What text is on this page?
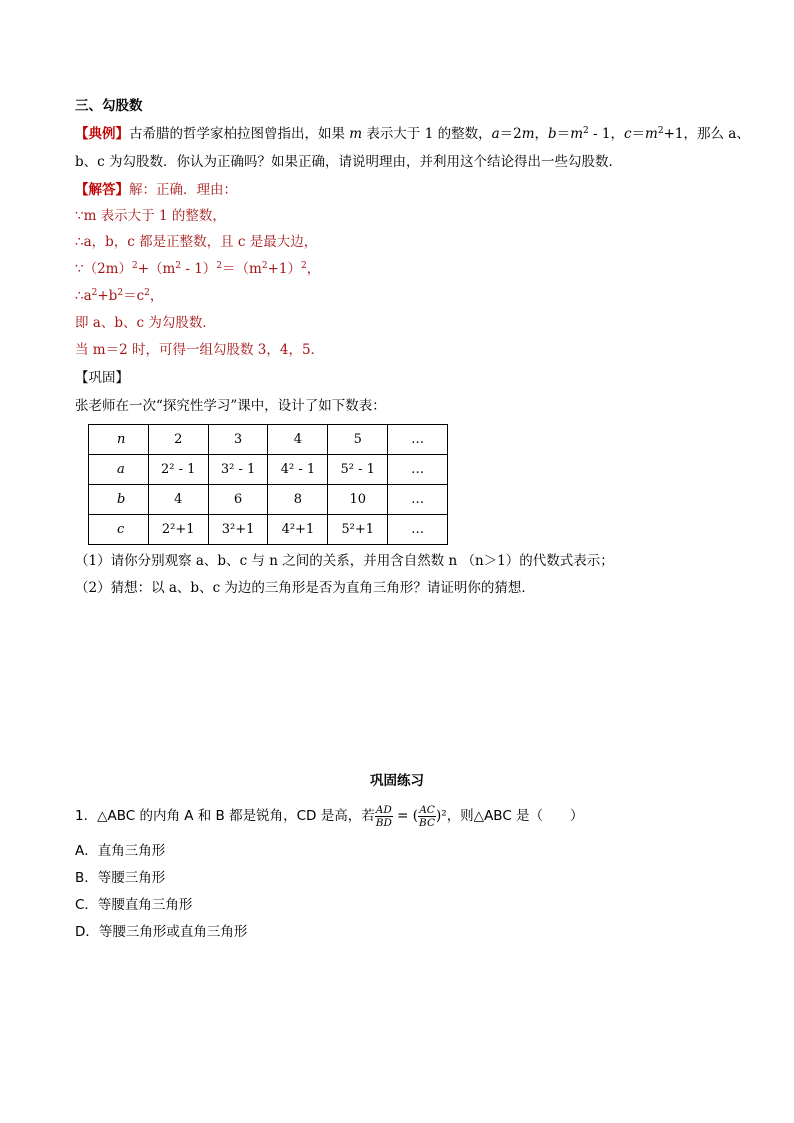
三、勾股数
【典例】古希腊的哲学家柏拉图曾指出，如果 m 表示大于 1 的整数，a＝2m，$b=m^2 - 1$，$c=m^2+1$，那么 a、
b、c 为勾股数．你认为正确吗？如果正确，请说明理由，并利用这个结论得出一些勾股数．
【解答】解：正确．理由：
∵m 表示大于 1 的整数，
∴a，b，c 都是正整数，且 c 是最大边，
$\because(2m)^2+(m^2 - 1)^2=(m^2+1)^2$，
$\therefore a^2+b^2=c^2$，
即 a、b、c 为勾股数．
当 m＝2 时，可得一组勾股数 3，4，5．
【巩固】
张老师在一次“探究性学习”课中，设计了如下数表：
n	2	3	4	5	…
a	2² - 1	3² - 1	4² - 1	5² - 1	…
b	4	6	8	10	…
c	2²+1	3²+1	4²+1	5²+1	…
（1）请你分别观察 a、b、c 与 n 之间的关系，并用含自然数 n （n＞1）的代数式表示；
（2）猜想：以 a、b、c 为边的三角形是否为直角三角形？请证明你的猜想．
巩固练习
1．△ABC 的内角 A 和 B 都是锐角，CD 是高，若 $\frac{AD}{BD}$ = ( $\frac{AC}{BC} )^2$，则△ABC 是（　　）
A．直角三角形
B．等腰三角形
C．等腰直角三角形
D．等腰三角形或直角三角形
